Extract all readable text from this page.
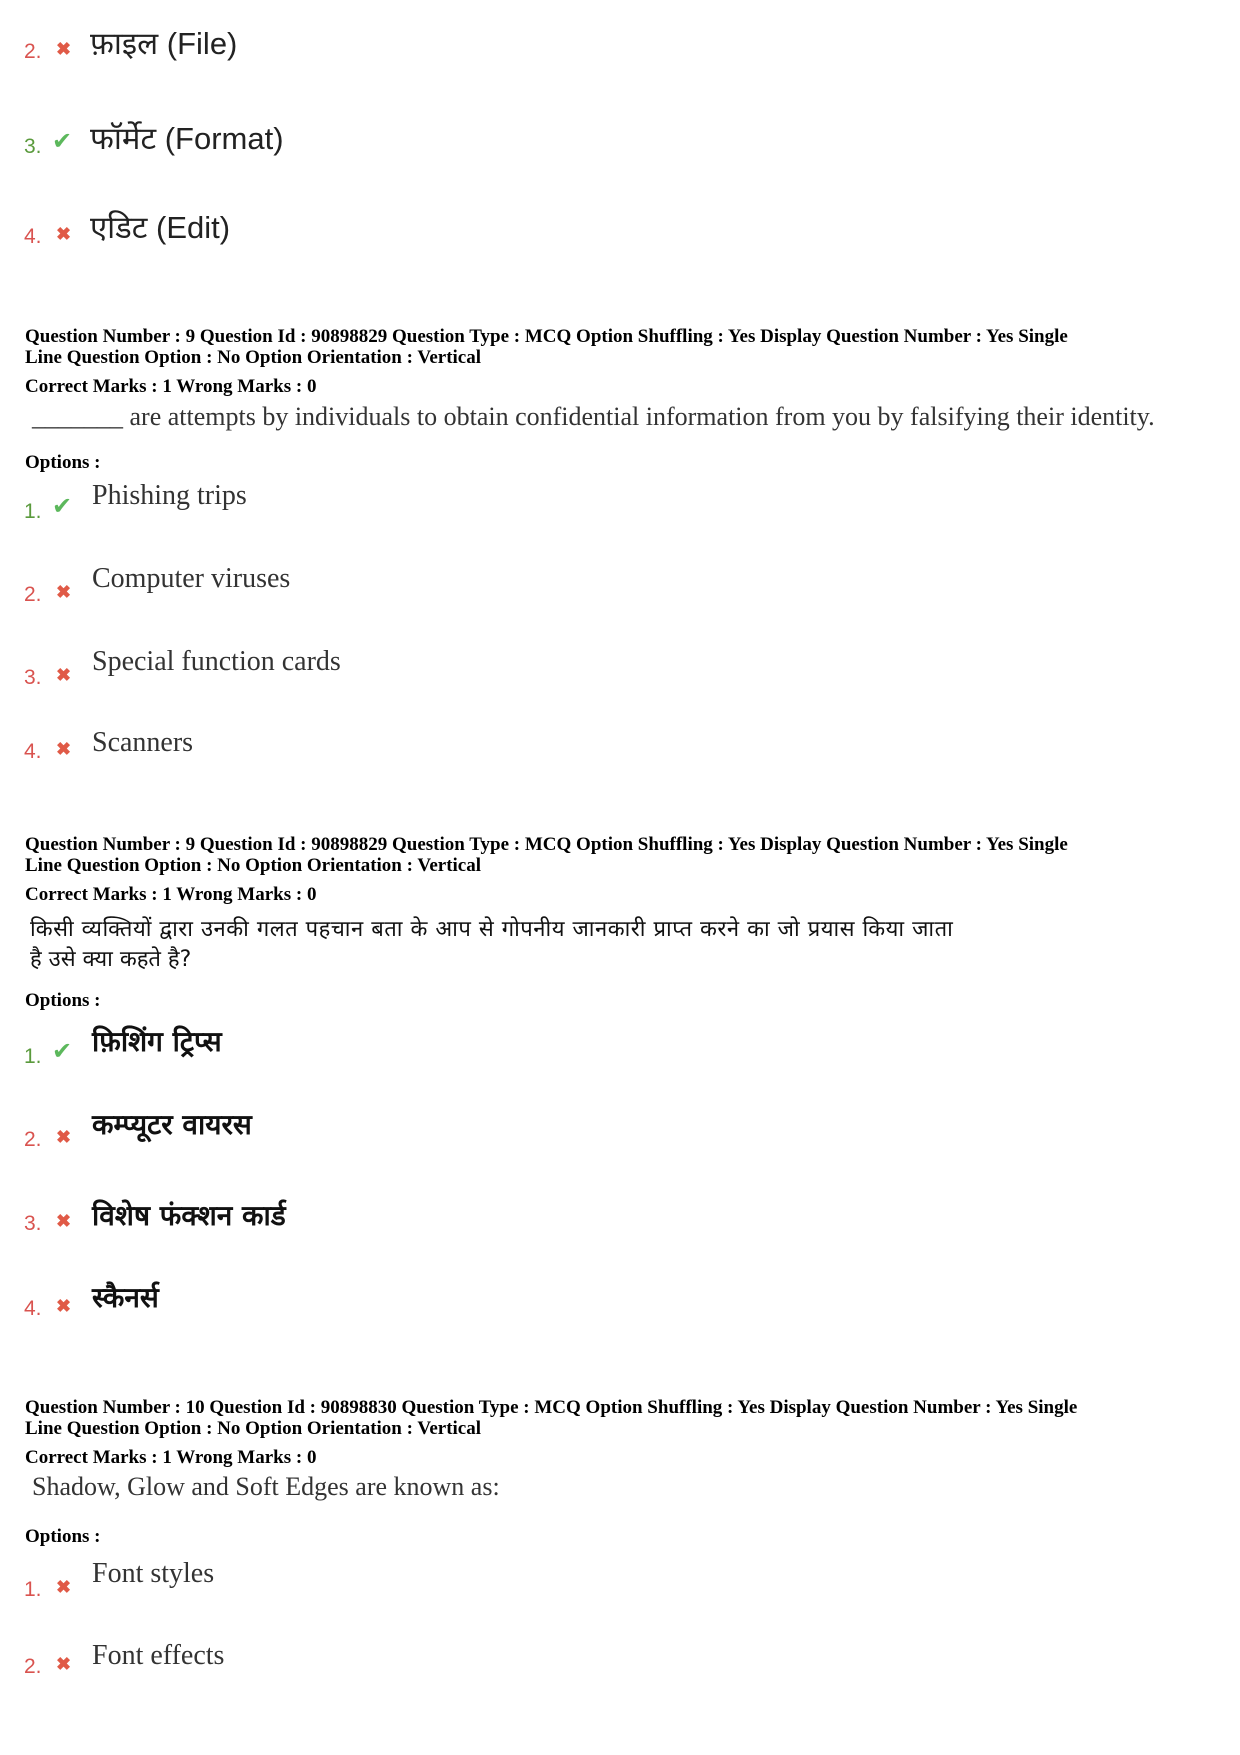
2. ✖ फ़ाइल (File)
3. ✔ फॉर्मेट (Format)
4. ✖ एडिट (Edit)
Question Number : 9 Question Id : 90898829 Question Type : MCQ Option Shuffling : Yes Display Question Number : Yes Single
Line Question Option : No Option Orientation : Vertical
Correct Marks : 1 Wrong Marks : 0
_______ are attempts by individuals to obtain confidential information from you by falsifying their identity.
Options :
1. ✔ Phishing trips
2. ✖ Computer viruses
3. ✖ Special function cards
4. ✖ Scanners
Question Number : 9 Question Id : 90898829 Question Type : MCQ Option Shuffling : Yes Display Question Number : Yes Single
Line Question Option : No Option Orientation : Vertical
Correct Marks : 1 Wrong Marks : 0
किसी व्यक्तियों द्वारा उनकी गलत पहचान बता के आप से गोपनीय जानकारी प्राप्त करने का जो प्रयास किया जाता
है उसे क्या कहते है?
Options :
1. ✔ फ़िशिंग ट्रिप्स
2. ✖ कम्प्यूटर वायरस
3. ✖ विशेष फंक्शन कार्ड
4. ✖ स्कैनर्स
Question Number : 10 Question Id : 90898830 Question Type : MCQ Option Shuffling : Yes Display Question Number : Yes Single
Line Question Option : No Option Orientation : Vertical
Correct Marks : 1 Wrong Marks : 0
Shadow, Glow and Soft Edges are known as:
Options :
1. ✖ Font styles
2. ✖ Font effects
